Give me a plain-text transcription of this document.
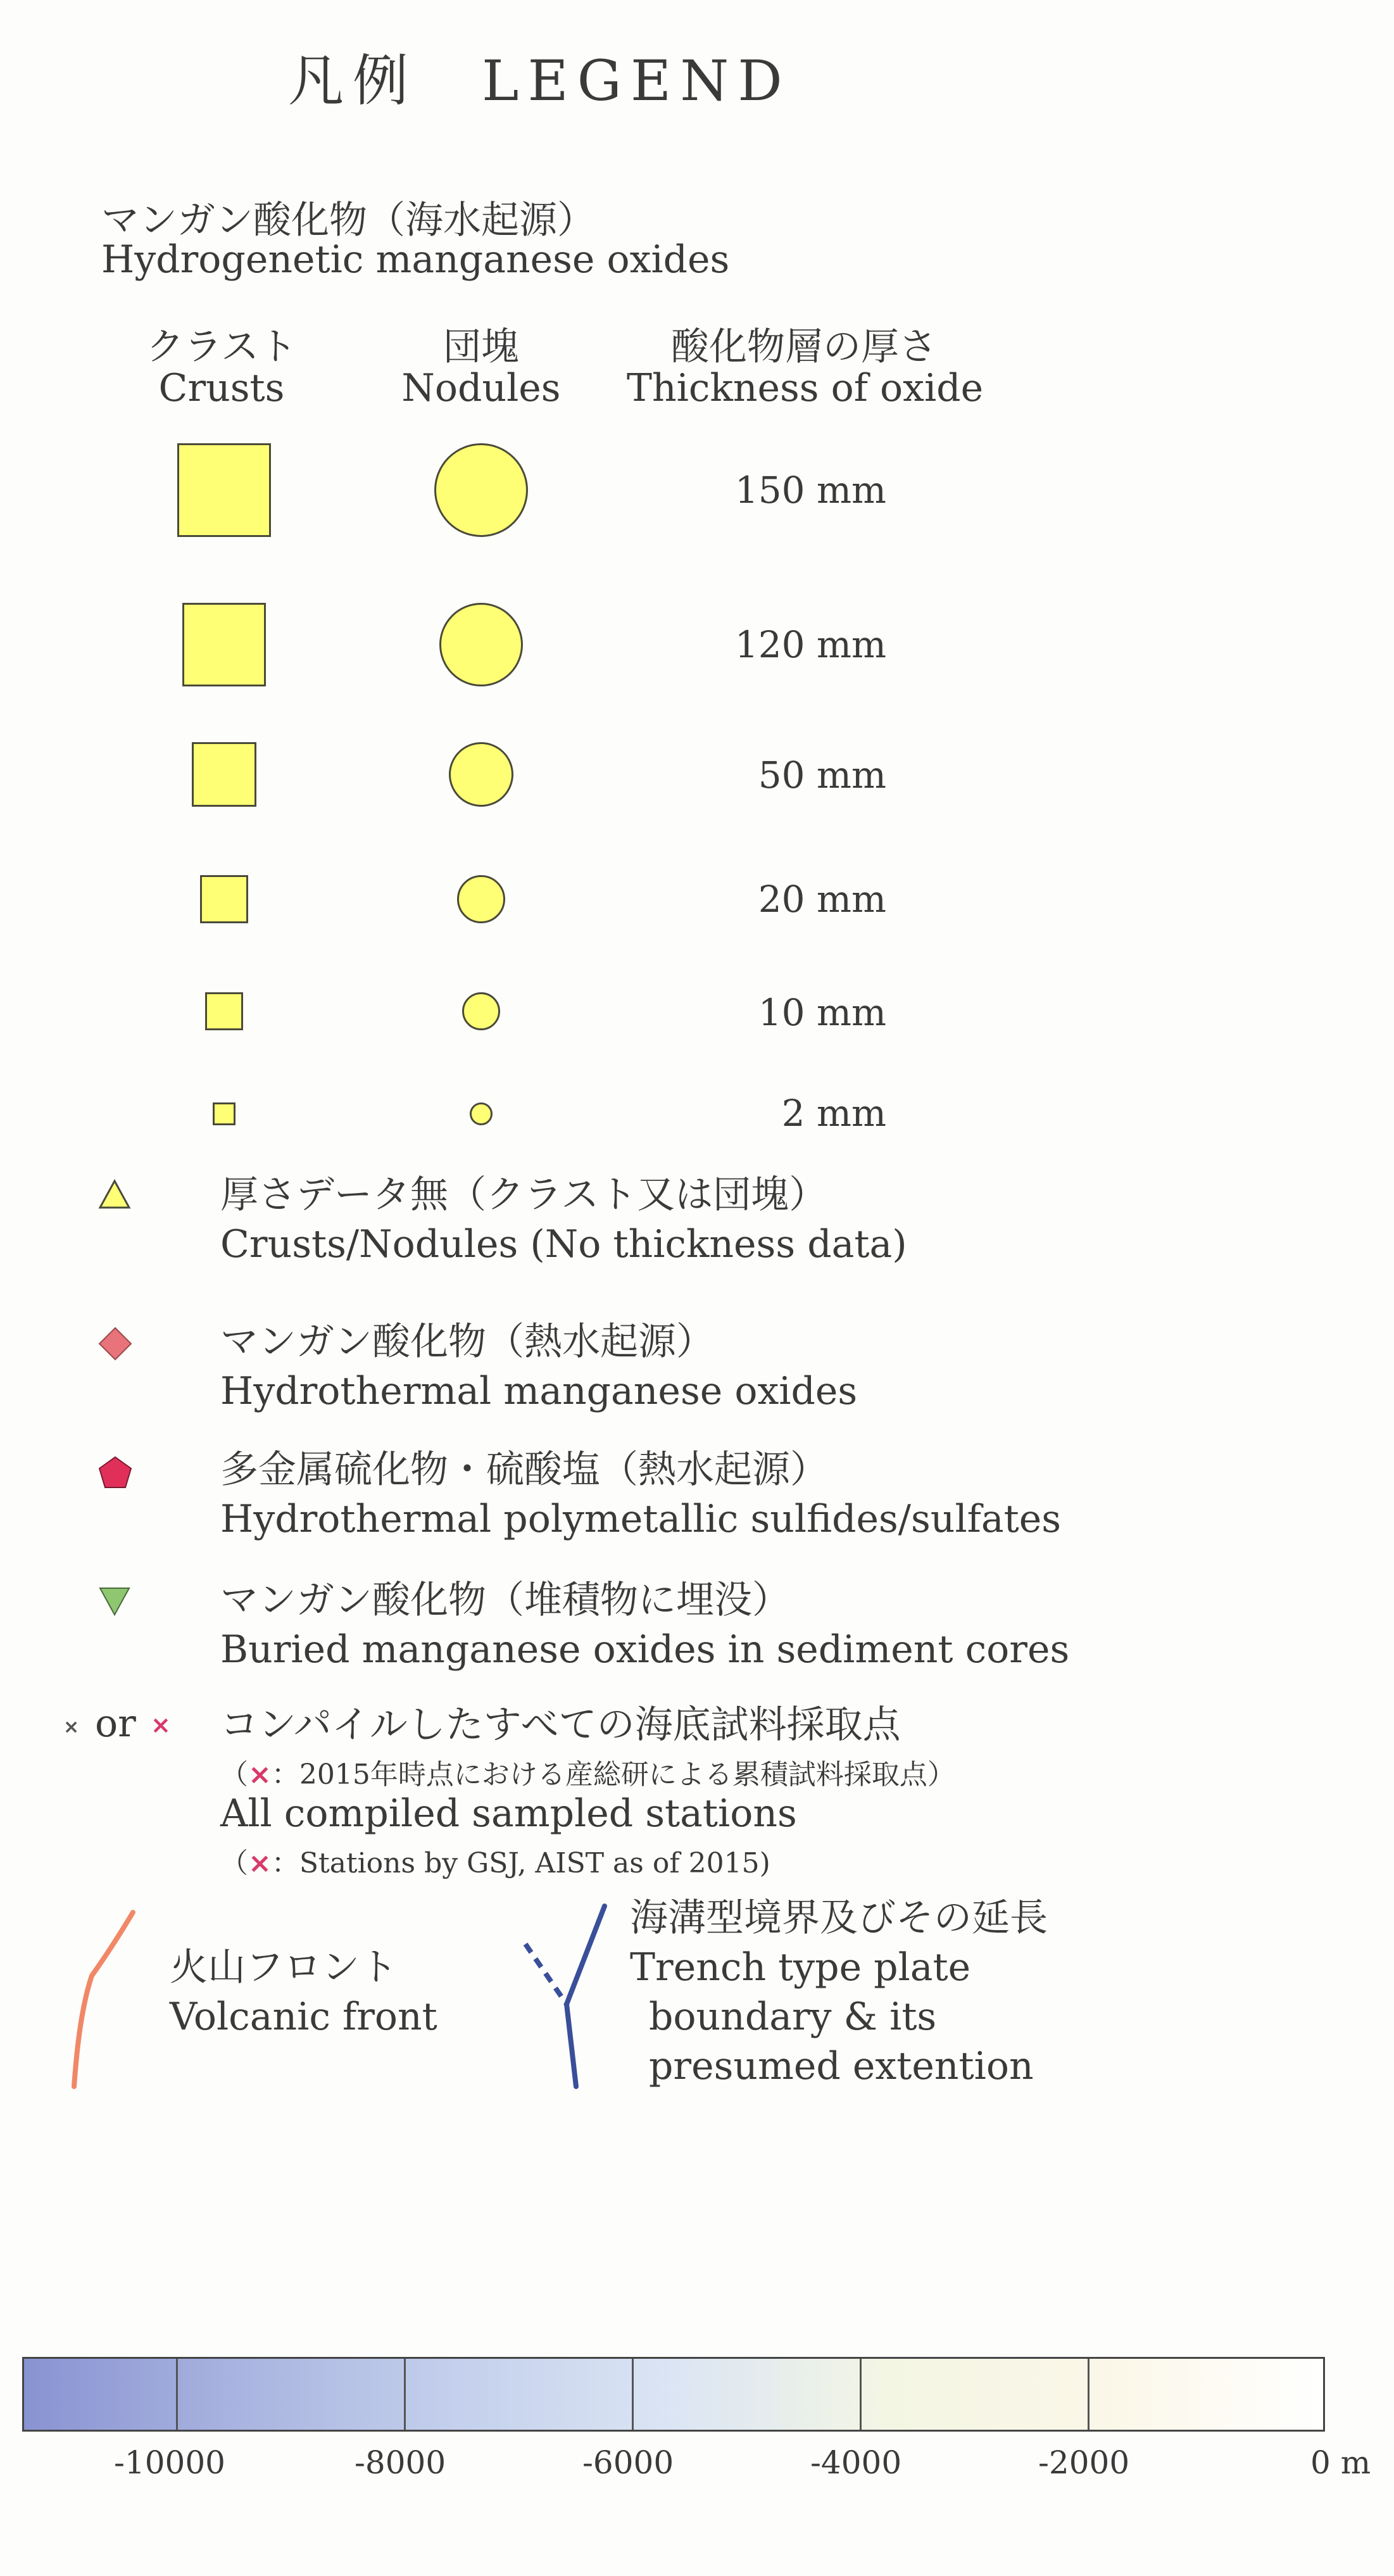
凡例　LEGEND
マンガン酸化物（海水起源）
Hydrogenetic manganese oxides
クラスト
Crusts
団塊
Nodules
酸化物層の厚さ
Thickness of oxide
150 mm
120 mm
50 mm
20 mm
10 mm
2 mm
厚さデータ無（クラスト又は団塊）
Crusts/Nodules (No thickness data)
マンガン酸化物（熱水起源）
Hydrothermal manganese oxides
多金属硫化物・硫酸塩（熱水起源）
Hydrothermal polymetallic sulfides/sulfates
マンガン酸化物（堆積物に埋没）
Buried manganese oxides in sediment cores
× or × コンパイルしたすべての海底試料採取点
（×：2015年時点における産総研による累積試料採取点）
All compiled sampled stations
（×：Stations by GSJ, AIST as of 2015)
火山フロント
Volcanic front
海溝型境界及びその延長
Trench type plate
boundary & its
presumed extention
-10000	-8000	-6000	-4000	-2000	0 m
